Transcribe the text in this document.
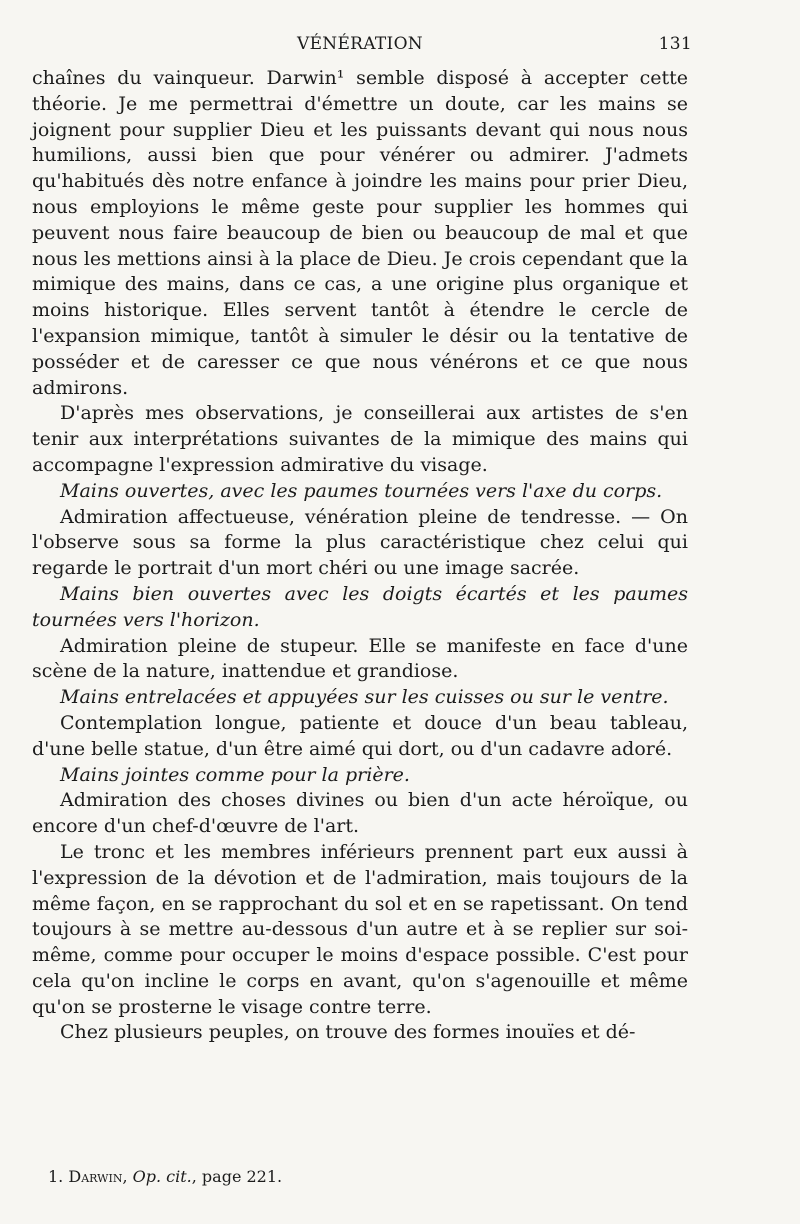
VÉNÉRATION	131

chaînes du vainqueur. Darwin¹ semble disposé à accepter cette théorie. Je me permettrai d'émettre un doute, car les mains se joignent pour supplier Dieu et les puissants devant qui nous nous humilions, aussi bien que pour vénérer ou admirer. J'admets qu'habitués dès notre enfance à joindre les mains pour prier Dieu, nous employions le même geste pour supplier les hommes qui peuvent nous faire beaucoup de bien ou beaucoup de mal et que nous les mettions ainsi à la place de Dieu. Je crois cependant que la mimique des mains, dans ce cas, a une origine plus organique et moins historique. Elles servent tantôt à étendre le cercle de l'expansion mimique, tantôt à simuler le désir ou la tentative de posséder et de caresser ce que nous vénérons et ce que nous admirons.

D'après mes observations, je conseillerai aux artistes de s'en tenir aux interprétations suivantes de la mimique des mains qui accompagne l'expression admirative du visage.

Mains ouvertes, avec les paumes tournées vers l'axe du corps.

Admiration affectueuse, vénération pleine de tendresse. — On l'observe sous sa forme la plus caractéristique chez celui qui regarde le portrait d'un mort chéri ou une image sacrée.

Mains bien ouvertes avec les doigts écartés et les paumes tournées vers l'horizon.

Admiration pleine de stupeur. Elle se manifeste en face d'une scène de la nature, inattendue et grandiose.

Mains entrelacées et appuyées sur les cuisses ou sur le ventre.

Contemplation longue, patiente et douce d'un beau tableau, d'une belle statue, d'un être aimé qui dort, ou d'un cadavre adoré.

Mains jointes comme pour la prière.

Admiration des choses divines ou bien d'un acte héroïque, ou encore d'un chef-d'œuvre de l'art.

Le tronc et les membres inférieurs prennent part eux aussi à l'expression de la dévotion et de l'admiration, mais toujours de la même façon, en se rapprochant du sol et en se rapetissant. On tend toujours à se mettre au-dessous d'un autre et à se replier sur soi-même, comme pour occuper le moins d'espace possible. C'est pour cela qu'on incline le corps en avant, qu'on s'agenouille et même qu'on se prosterne le visage contre terre.

Chez plusieurs peuples, on trouve des formes inouïes et dé-

1. Darwin, Op. cit., page 221.
